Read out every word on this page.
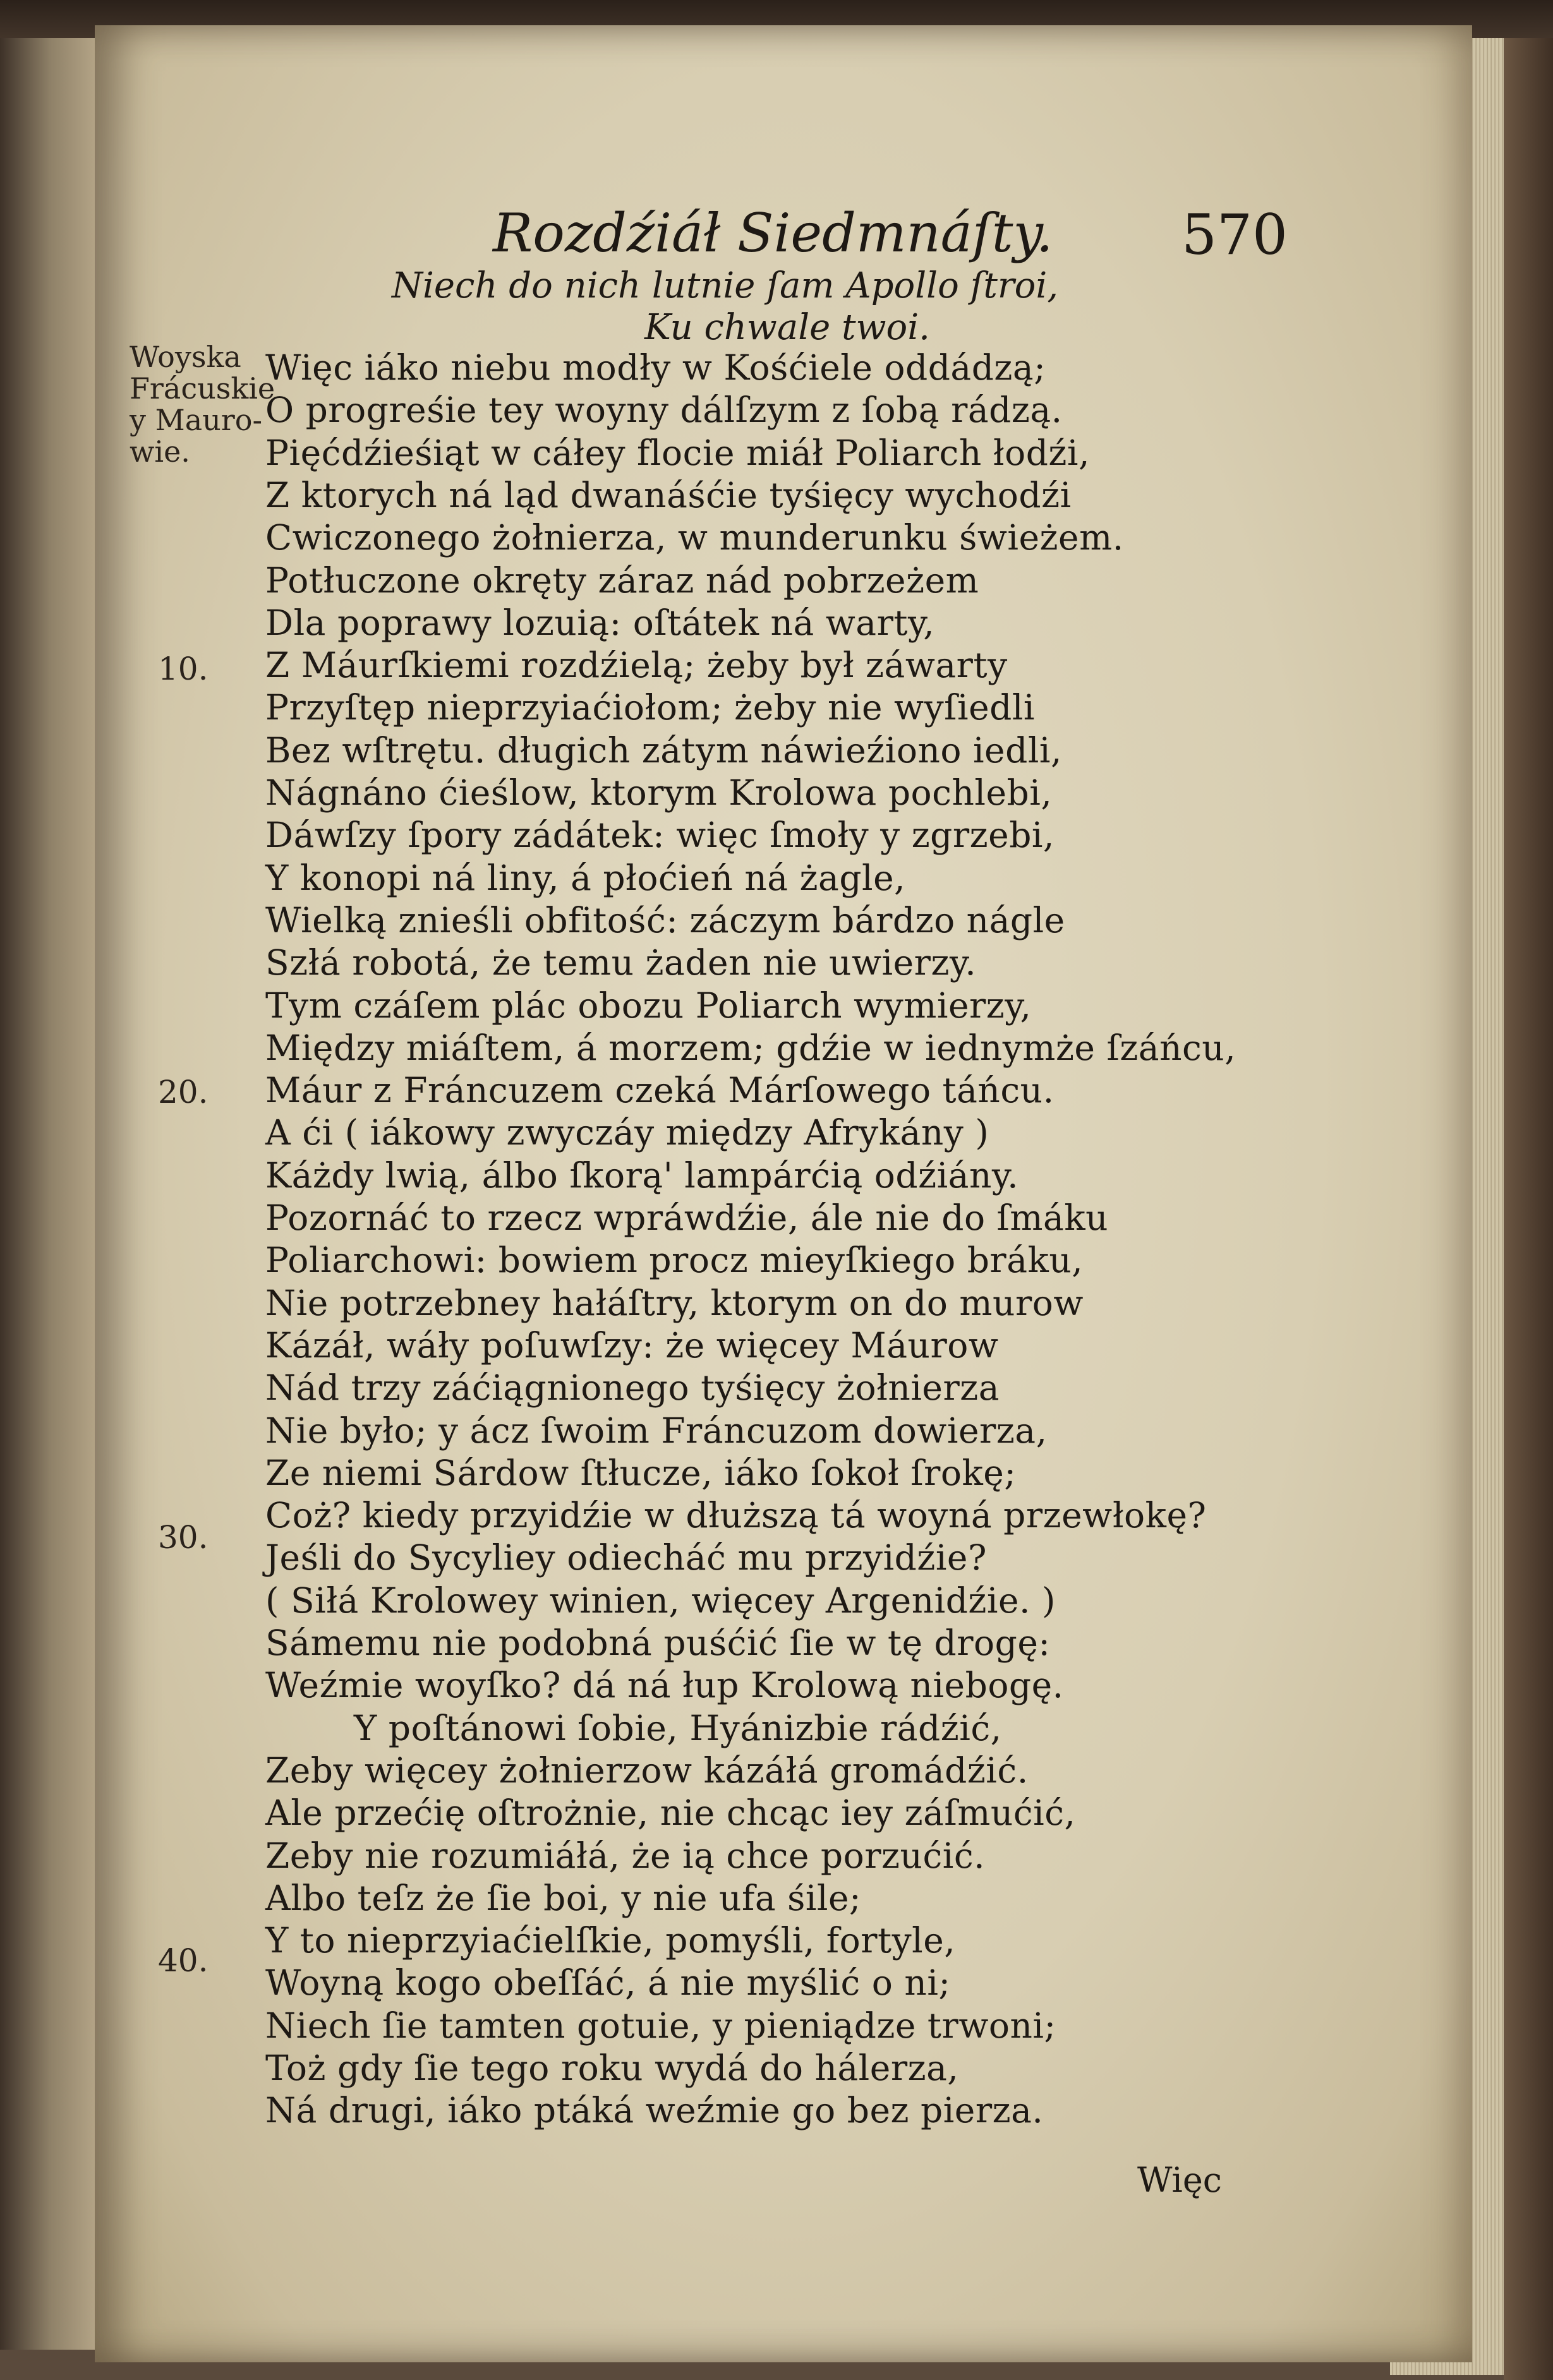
Rozdźiáł Siedmnáſty. 570
Niech do nich lutnie ſam Apollo ſtroi,
Ku chwale twoi.
Woyska
Frácuskie
y Mauro-
wie.
10.
20.
30.
40.
Więc iáko niebu modły w Kośćiele oddádzą;
O progreśie tey woyny dálſzym z ſobą rádzą.
Pięćdźieśiąt w cáłey flocie miáł Poliarch łodźi,
Z ktorych ná ląd dwanáśćie tyśięcy wychodźi
Cwiczonego żołnierza, w munderunku świeżem.
Potłuczone okręty záraz nád pobrzeżem
Dla poprawy lozuią: oſtátek ná warty,
Z Máurſkiemi rozdźielą; żeby był záwarty
Przyſtęp nieprzyiaćiołom; żeby nie wyſiedli
Bez wſtrętu. długich zátym náwieźiono iedli,
Nágnáno ćieślow, ktorym Krolowa pochlebi,
Dáwſzy ſpory zádátek: więc ſmoły y zgrzebi,
Y konopi ná liny, á płoćień ná żagle,
Wielką znieśli obfitość: záczym bárdzo nágle
Szłá robotá, że temu żaden nie uwierzy.
Tym czáſem plác obozu Poliarch wymierzy,
Między miáſtem, á morzem; gdźie w iednymże ſzáńcu,
Máur z Fráncuzem czeká Márſowego táńcu.
A ći ( iákowy zwyczáy między Afrykány )
Káżdy lwią, álbo ſkorą' lampárćią odźiány.
Pozornáć to rzecz wpráwdźie, ále nie do ſmáku
Poliarchowi: bowiem procz mieyſkiego bráku,
Nie potrzebney hałáſtry, ktorym on do murow
Kázáł, wáły poſuwſzy: że więcey Máurow
Nád trzy záćiągnionego tyśięcy żołnierza
Nie było; y ácz ſwoim Fráncuzom dowierza,
Ze niemi Sárdow ſtłucze, iáko ſokoł ſrokę;
Coż? kiedy przyidźie w dłuższą tá woyná przewłokę?
Jeśli do Sycyliey odiecháć mu przyidźie?
( Siłá Krolowey winien, więcey Argenidźie. )
Sámemu nie podobná puśćić ſie w tę drogę:
Weźmie woyſko? dá ná łup Krolową niebogę.
Y poſtánowi ſobie, Hyánizbie rádźić,
Zeby więcey żołnierzow kázáłá gromádźić.
Ale przećię oſtrożnie, nie chcąc iey záſmućić,
Zeby nie rozumiáłá, że ią chce porzućić.
Albo teſz że ſie boi, y nie ufa śile;
Y to nieprzyiaćielſkie, pomyśli, fortyle,
Woyną kogo obeſſáć, á nie myślić o ni;
Niech ſie tamten gotuie, y pieniądze trwoni;
Toż gdy ſie tego roku wydá do hálerza,
Ná drugi, iáko ptáká weźmie go bez pierza.
Więc
